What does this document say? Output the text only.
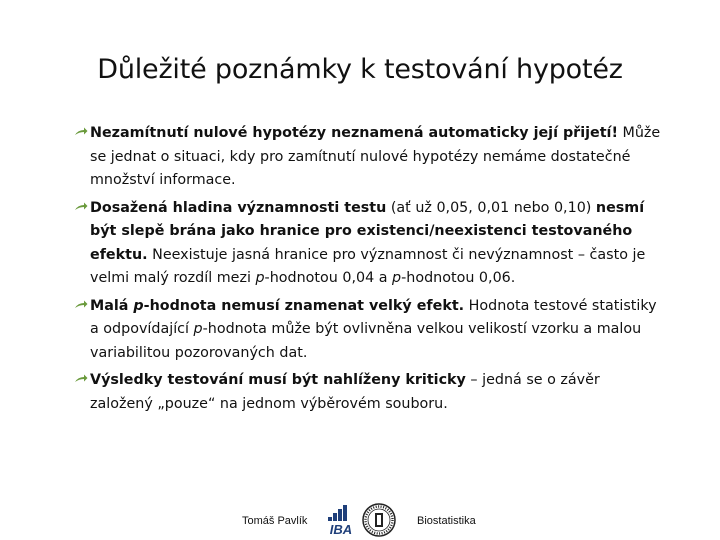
Důležité poznámky k testování hypotéz
Nezamítnutí nulové hypotézy neznamená automaticky její přijetí! Může se jednat o situaci, kdy pro zamítnutí nulové hypotézy nemáme dostatečné množství informace.
Dosažená hladina významnosti testu (ať už 0,05, 0,01 nebo 0,10) nesmí být slepě brána jako hranice pro existenci/neexistenci testovaného efektu. Neexistuje jasná hranice pro významnost či nevýznamnost – často je velmi malý rozdíl mezi p-hodnotou 0,04 a p-hodnotou 0,06.
Malá p-hodnota nemusí znamenat velký efekt. Hodnota testové statistiky a odpovídající p-hodnota může být ovlivněna velkou velikostí vzorku a malou variabilitou pozorovaných dat.
Výsledky testování musí být nahlíženy kriticky – jedná se o závěr založený „pouze“ na jednom výběrovém souboru.
IBA
Tomáš Pavlík	Biostatistika
